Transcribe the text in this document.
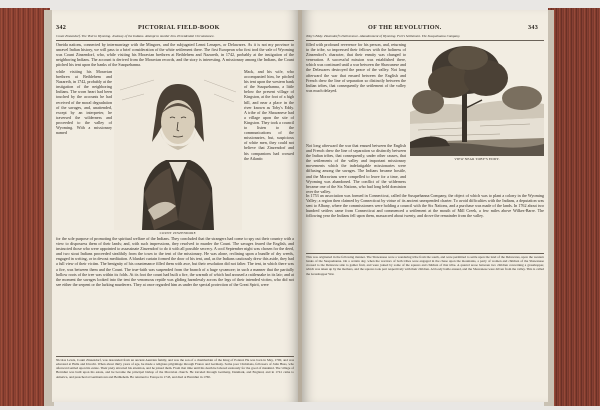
342	PICTORIAL FIELD-BOOK
Count Zinzendorf. The Visit to Wyoming. Jealousy of the Indians. Attempt to murder him. Providential Circumstance.
Oneida nations, connected by intermarriage with the Mingoes, and the subjugated Lenni Lenapes, or Delawares. As it is not my province to unravel Indian history, we will pass to a brief consideration of the white settlement there. The first European who first trod the vale of Wyoming was Count Zinzendorf, who, while visiting his Moravian brethren at Bethlehem and Nazareth, in 1742, probably at the instigation of the neighboring Indians. The account is derived from the Moravian records, and the story is interesting. A missionary among the Indians, the Count pitched his tent upon the banks of the Susquehanna.
while visiting his Moravian brethren at Bethlehem and Nazareth, in 1742, probably at the instigation of the neighboring Indians. The worn heart had been touched by the accounts he had received of the moral degradation of the savages, and, unattended, except by an interpreter, he traversed the wilderness and proceeded to the valley of Wyoming. With a missionary named
COUNT ZINZENDORF.
Mack, and his wife, who accompanied him, he pitched his tent upon the western bank of the Susquehanna, a little below the present village of Kingston, at the foot of a high hill, and near a place in the river known as Toby's Eddy. A tribe of the Shawanese had a village upon the site of Kingston. They took a council to listen to the communications of the missionaries, but, suspicious of white men, they could not believe that Zinzendorf and his companions had crossed the Atlantic
for the sole purpose of promoting the spiritual welfare of the Indians. They concluded that the strangers had come to spy out their country with a view to dispossess them of their lands; and, with such impressions, they resolved to murder the Count. The savages feared the English, and instructed those who were appointed to assassinate Zinzendorf to do it with all possible secrecy. A cool September night was chosen for the deed, and two stout Indians proceeded stealthily from the town to the tent of the missionary. He was alone, reclining upon a bundle of dry weeds, engaged in writing, or in devout meditation. A blanket curtain formed the door of his tent, and, as the Indians cautiously drew this aside, they had a full view of their victim. The benignity of his countenance filled them with awe, but their resolution did not falter. The tent, in which there was a fire, was between them and the Count. The true-faith was suspended from the branch of a huge sycamore; in such a manner that the partially hollow roots of the tree was within its folds. At its foot the count had built a fire, the warmth of which had aroused a rattlesnake in its lair; and at the moment the savages looked into the tent the venomous reptile was gliding harmlessly across the legs of their intended victim, who did not see either the serpent or the lurking murderers. They at once regarded him as under the special protection of the Great Spirit, were
Nicolas Lewis, Count Zinzendorf, was descended from an ancient Austrian family, and was the son of a chamberlain of the King of Poland. He was born in May, 1700, and was educated at Halle and Utrecht. When about thirty years of age, he made a religious pilgrimage through France and Germany. Some poor Christians, followers of John Huss, who afterward settled upon his estate. Their piety attracted his attention, and he joined them. From that time until his death he labored zealously for the good of mankind. The village of Herrnhut was built upon his estate, and he became the principal bishop of the Moravian church. He traveled through Germany, Denmark, and England, and in 1741 came to America, and preached at Germantown and Bethlehem. He returned to Europe in 1743, and died at Herrnhut in 1760.
OF THE REVOLUTION.	343
Toby's Eddy. Zinzendorf's Deliverance. Abandonment of Wyoming. Fort's Settlement. The Susquehanna Company.
filled with profound reverence for his person, and, returning to the tribe, so impressed their fellows with the holiness of Zinzendorf's character, that their enmity was changed to veneration. A successful mission was established there, which was continued until a war between the Shawanese and the Delawares destroyed the peace of the valley. Not long afterward the war that ensued between the English and French drew the line of separation so distinctly between the Indian tribes, that consequently the settlement of the valley was much delayed.
VIEW NEAR TOBY'S EDDY.
Not long afterward the war that ensued between the English and French drew the line of separation so distinctly between the Indian tribes, that consequently, under other causes, that the settlements of the valley and important missionary movements which the indefatigable missionaries were diffusing among the savages. The Indians became hostile, and the Moravians were compelled to leave for a time, and Wyoming was abandoned. The conflict of the wilderness became one of the Six Nations, who had long held dominion over the valley.
In 1753 an association was formed in Connecticut, called the Susquehanna Company, the object of which was to plant a colony in the Wyoming Valley; a region then claimed by Connecticut by virtue of its ancient unexpended charter. To avoid difficulties with the Indians, a deputation was sent to Albany, where the commissioners were holding a council with the Six Nations, and a purchase was made of the lands. In 1762 about two hundred settlers came from Connecticut and commenced a settlement at the mouth of Mill Creek, a few miles above Wilkes-Barre. The following year the Indians fell upon them, massacred about twenty, and drove the remainder from the valley.
This was originated in the following manner. The Shawanese were a wandering tribe from the south, and were permitted to settle upon the land of the Delawares, upon the western banks of the Susquehanna. On a certain day, when the warriors of both tribes were engaged in the chase upon the mountains, a party of women and children of the Shawanese crossed to the Delaware side to gather fruit, and were joined by some of the squaws and children of that tribe. A quarrel arose between two children concerning a grasshopper, which was taken up by the mothers, and the squaws took part respectively with their children. A bloody battle ensued, and the Shawanese were driven from the valley. This is called the Grasshopper War.
